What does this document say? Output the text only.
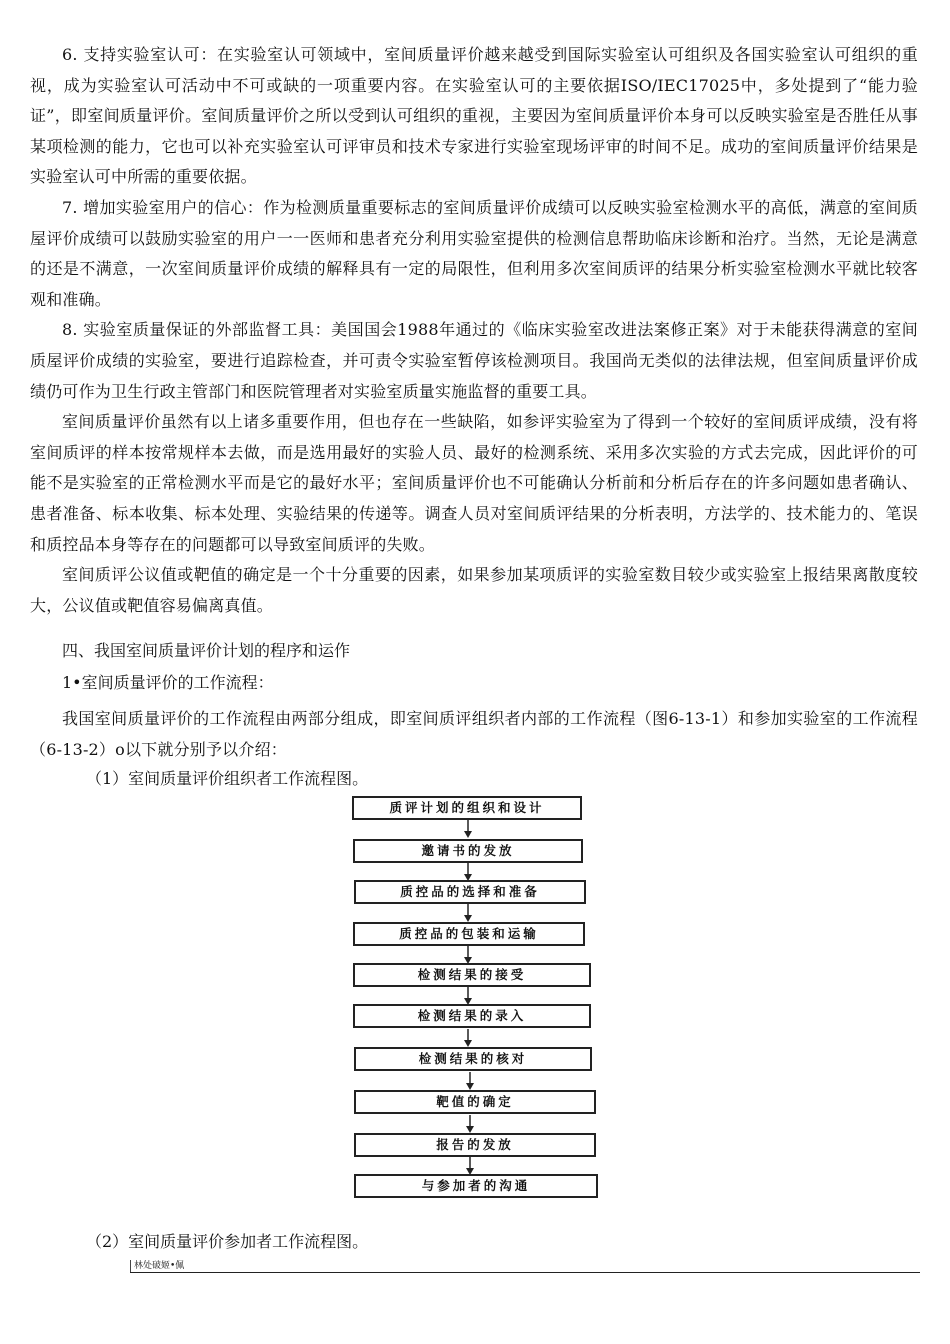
6. 支持实验室认可：在实验室认可领域中，室间质量评价越来越受到国际实验室认可组织及各国实验室认可组织的重视，成为实验室认可活动中不可或缺的一项重要内容。在实验室认可的主要依据ISO/IEC17025中，多处提到了“能力验证”，即室间质量评价。室间质量评价之所以受到认可组织的重视，主要因为室间质量评价本身可以反映实验室是否胜任从事某项检测的能力，它也可以补充实验室认可评审员和技术专家进行实验室现场评审的时间不足。成功的室间质量评价结果是实验室认可中所需的重要依据。

7. 增加实验室用户的信心：作为检测质量重要标志的室间质量评价成绩可以反映实验室检测水平的高低，满意的室间质屋评价成绩可以鼓励实验室的用户一一医师和患者充分利用实验室提供的检测信息帮助临床诊断和治疗。当然，无论是满意的还是不满意，一次室间质量评价成绩的解释具有一定的局限性，但利用多次室间质评的结果分析实验室检测水平就比较客观和准确。

8. 实验室质量保证的外部监督工具：美国国会1988年通过的《临床实验室改进法案修正案》对于未能获得满意的室间质屋评价成绩的实验室，要进行追踪检查，并可责令实验室暂停该检测项目。我国尚无类似的法律法规，但室间质量评价成绩仍可作为卫生行政主管部门和医院管理者对实验室质量实施监督的重要工具。

室间质量评价虽然有以上诸多重要作用，但也存在一些缺陷，如参评实验室为了得到一个较好的室间质评成绩，没有将室间质评的样本按常规样本去做，而是选用最好的实验人员、最好的检测系统、采用多次实验的方式去完成，因此评价的可能不是实验室的正常检测水平而是它的最好水平；室间质量评价也不可能确认分析前和分析后存在的许多问题如患者确认、患者准备、标本收集、标本处理、实验结果的传递等。调查人员对室间质评结果的分析表明，方法学的、技术能力的、笔误和质控品本身等存在的问题都可以导致室间质评的失败。

室间质评公议值或靶值的确定是一个十分重要的因素，如果参加某项质评的实验室数目较少或实验室上报结果离散度较大，公议值或靶值容易偏离真值。

四、我国室间质量评价计划的程序和运作

1•室间质量评价的工作流程：

我国室间质量评价的工作流程由两部分组成，即室间质评组织者内部的工作流程（图6-13-1）和参加实验室的工作流程（6-13-2）o以下就分别予以介绍：

（1）室间质量评价组织者工作流程图。

质评计划的组织和设计
邀请书的发放
质控品的选择和准备
质控品的包装和运输
检测结果的接受
检测结果的录入
检测结果的核对
靶值的确定
报告的发放
与参加者的沟通

（2）室间质量评价参加者工作流程图。

林处破姬•佩
